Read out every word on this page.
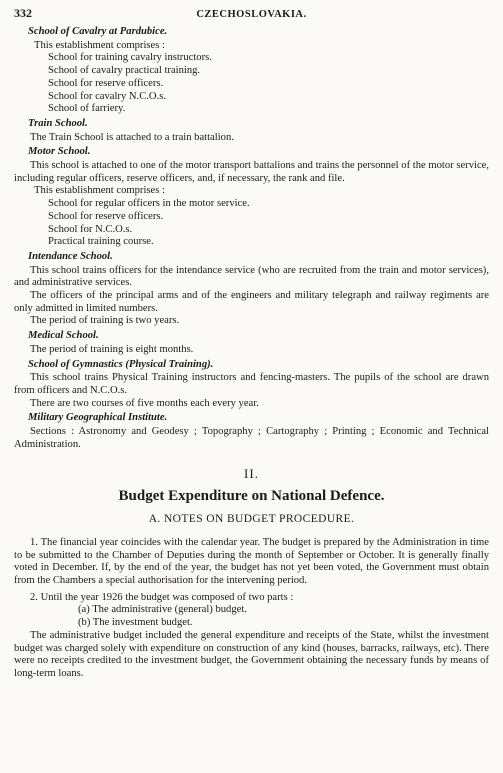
332	CZECHOSLOVAKIA.

School of Cavalry at Pardubice.

This establishment comprises :

School for training cavalry instructors.

School of cavalry practical training.

School for reserve officers.

School for cavalry N.C.O.s.

School of farriery.

Train School.

The Train School is attached to a train battalion.

Motor School.

This school is attached to one of the motor transport battalions and trains the personnel of the motor service, including regular officers, reserve officers, and, if necessary, the rank and file.

This establishment comprises :

School for regular officers in the motor service.

School for reserve officers.

School for N.C.O.s.

Practical training course.

Intendance School.

This school trains officers for the intendance service (who are recruited from the train and motor services), and administrative services.

The officers of the principal arms and of the engineers and military telegraph and railway regiments are only admitted in limited numbers.

The period of training is two years.

Medical School.

The period of training is eight months.

School of Gymnastics (Physical Training).

This school trains Physical Training instructors and fencing-masters. The pupils of the school are drawn from officers and N.C.O.s.

There are two courses of five months each every year.

Military Geographical Institute.

Sections : Astronomy and Geodesy ; Topography ; Cartography ; Printing ; Economic and Technical Administration.

II.

Budget Expenditure on National Defence.

A. NOTES ON BUDGET PROCEDURE.

1. The financial year coincides with the calendar year. The budget is prepared by the Administration in time to be submitted to the Chamber of Deputies during the month of September or October. It is generally finally voted in December. If, by the end of the year, the budget has not yet been voted, the Government must obtain from the Chambers a special authorisation for the intervening period.

2. Until the year 1926 the budget was composed of two parts :

(a) The administrative (general) budget.

(b) The investment budget.

The administrative budget included the general expenditure and receipts of the State, whilst the investment budget was charged solely with expenditure on construction of any kind (houses, barracks, railways, etc). There were no receipts credited to the investment budget, the Government obtaining the necessary funds by means of long-term loans.
